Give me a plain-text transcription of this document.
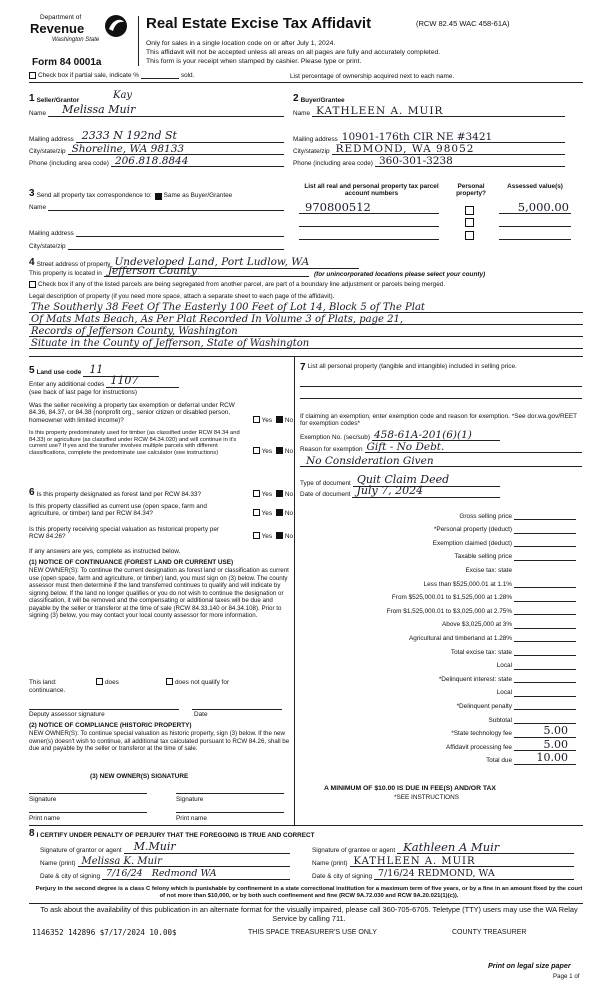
Department of
Revenue
Washington State
Form 84 0001a
Real Estate Excise Tax Affidavit	(RCW 82.45 WAC 458-61A)
Only for sales in a single location code on or after July 1, 2024.
This affidavit will not be accepted unless all areas on all pages are fully and accurately completed.
This form is your receipt when stamped by cashier. Please type or print.
Check box if partial sale, indicate %	sold.	List percentage of ownership acquired next to each name.
1 Seller/Grantor	Kay
Name Melissa Muir
Mailing address 2333 N 192nd St
City/state/zip Shoreline, WA 98133
Phone (including area code) 206.818.8844
2 Buyer/Grantee
Name KATHLEEN A. MUIR
Mailing address 10901-176th CIR NE #3421
City/state/zip REDMOND, WA 98052
Phone (including area code) 360-301-3238
3 Send all property tax correspondence to: Same as Buyer/Grantee
Name
Mailing address
City/state/zip
List all real and personal property tax parcel account numbers
Personal property?
Assessed value(s)
970800512	5,000.00
4 Street address of property Undeveloped Land, Port Ludlow, WA
This property is located in Jefferson County	(for unincorporated locations please select your county)
Check box if any of the listed parcels are being segregated from another parcel, are part of a boundary line adjustment or parcels being merged.
Legal description of property (if you need more space, attach a separate sheet to each page of the affidavit).
The Southerly 38 Feet Of The Easterly 100 Feet of Lot 14, Block 5 of The Plat
Of Mats Mats Beach, As Per Plat Recorded In Volume 3 of Plats, page 21,
Records of Jefferson County, Washington
Situate in the County of Jefferson, State of Washington
5 Land use code 11
Enter any additional codes 1107
(see back of last page for instructions)
Was the seller receiving a property tax exemption or deferral under RCW 84.36, 84.37, or 84.38 (nonprofit org., senior citizen or disabled person, homeowner with limited income)?	Yes No
Is this property predominately used for timber (as classified under RCW 84.34 and 84.33) or agriculture (as classified under RCW 84.34.020) and will continue in it's current use? If yes and the transfer involves multiple parcels with different classifications, complete the predominate use calculator (see instructions)	Yes No
6 Is this property designated as forest land per RCW 84.33?	Yes No
Is this property classified as current use (open space, farm and agriculture, or timber) land per RCW 84.34?	Yes No
Is this property receiving special valuation as historical property per RCW 84.26?	Yes No
If any answers are yes, complete as instructed below.
(1) NOTICE OF CONTINUANCE (FOREST LAND OR CURRENT USE)
NEW OWNER(S): To continue the current designation as forest land or classification as current use (open space, farm and agriculture, or timber) land, you must sign on (3) below. The county assessor must then determine if the land transferred continues to qualify and will indicate by signing below. If the land no longer qualifies or you do not wish to continue the designation or classification, it will be removed and the compensating or additional taxes will be due and payable by the seller or transferor at the time of sale (RCW 84.33.140 or 84.34.108). Prior to signing (3) below, you may contact your local county assessor for more information.
This land:
continuance.
does	does not qualify for
Deputy assessor signature	Date
(2) NOTICE OF COMPLIANCE (HISTORIC PROPERTY)
NEW OWNER(S): To continue special valuation as historic property, sign (3) below. If the new owner(s) doesn't wish to continue, all additional tax calculated pursuant to RCW 84.26, shall be due and payable by the seller or transferor at the time of sale.
(3) NEW OWNER(S) SIGNATURE
Signature	Signature
Print name	Print name
7 List all personal property (tangible and intangible) included in selling price.
If claiming an exemption, enter exemption code and reason for exemption. *See dor.wa.gov/REET for exemption codes*
Exemption No. (sec/sub) 458-61A-201(6)(1)
Reason for exemption Gift - No Debt.
No Consideration Given
Type of document Quit Claim Deed
Date of document July 7, 2024
Gross selling price
*Personal property (deduct)
Exemption claimed (deduct)
Taxable selling price
Excise tax: state
Less than $525,000.01 at 1.1%
From $525,000.01 to $1,525,000 at 1.28%
From $1,525,000.01 to $3,025,000 at 2.75%
Above $3,025,000 at 3%
Agricultural and timberland at 1.28%
Total excise tax: state
Local
*Delinquent interest: state
Local
*Delinquent penalty
Subtotal
*State technology fee	5.00
Affidavit processing fee	5.00
Total due 10.00
A MINIMUM OF $10.00 IS DUE IN FEE(S) AND/OR TAX
*SEE INSTRUCTIONS
8 I CERTIFY UNDER PENALTY OF PERJURY THAT THE FOREGOING IS TRUE AND CORRECT
Signature of grantor or agent M.Muir
Name (print) Melissa K. Muir
Date & city of signing 7/16/24   Redmond WA
Signature of grantee or agent Kathleen A Muir
Name (print) KATHLEEN A. MUIR
Date & city of signing 7/16/24 REDMOND, WA
Perjury in the second degree is a class C felony which is punishable by confinement in a state correctional institution for a maximum term of five years, or by a fine in an amount fixed by the court of not more than $10,000, or by both such confinement and fine (RCW 9A.72.030 and RCW 9A.20.021(1)(c)).
To ask about the availability of this publication in an alternate format for the visually impaired, please call 360-705-6705. Teletype (TTY) users may use the WA Relay Service by calling 711.
1146352 142896 $7/17/2024 10.00$	THIS SPACE TREASURER'S USE ONLY	COUNTY TREASURER
Print on legal size paper
Page 1 of
